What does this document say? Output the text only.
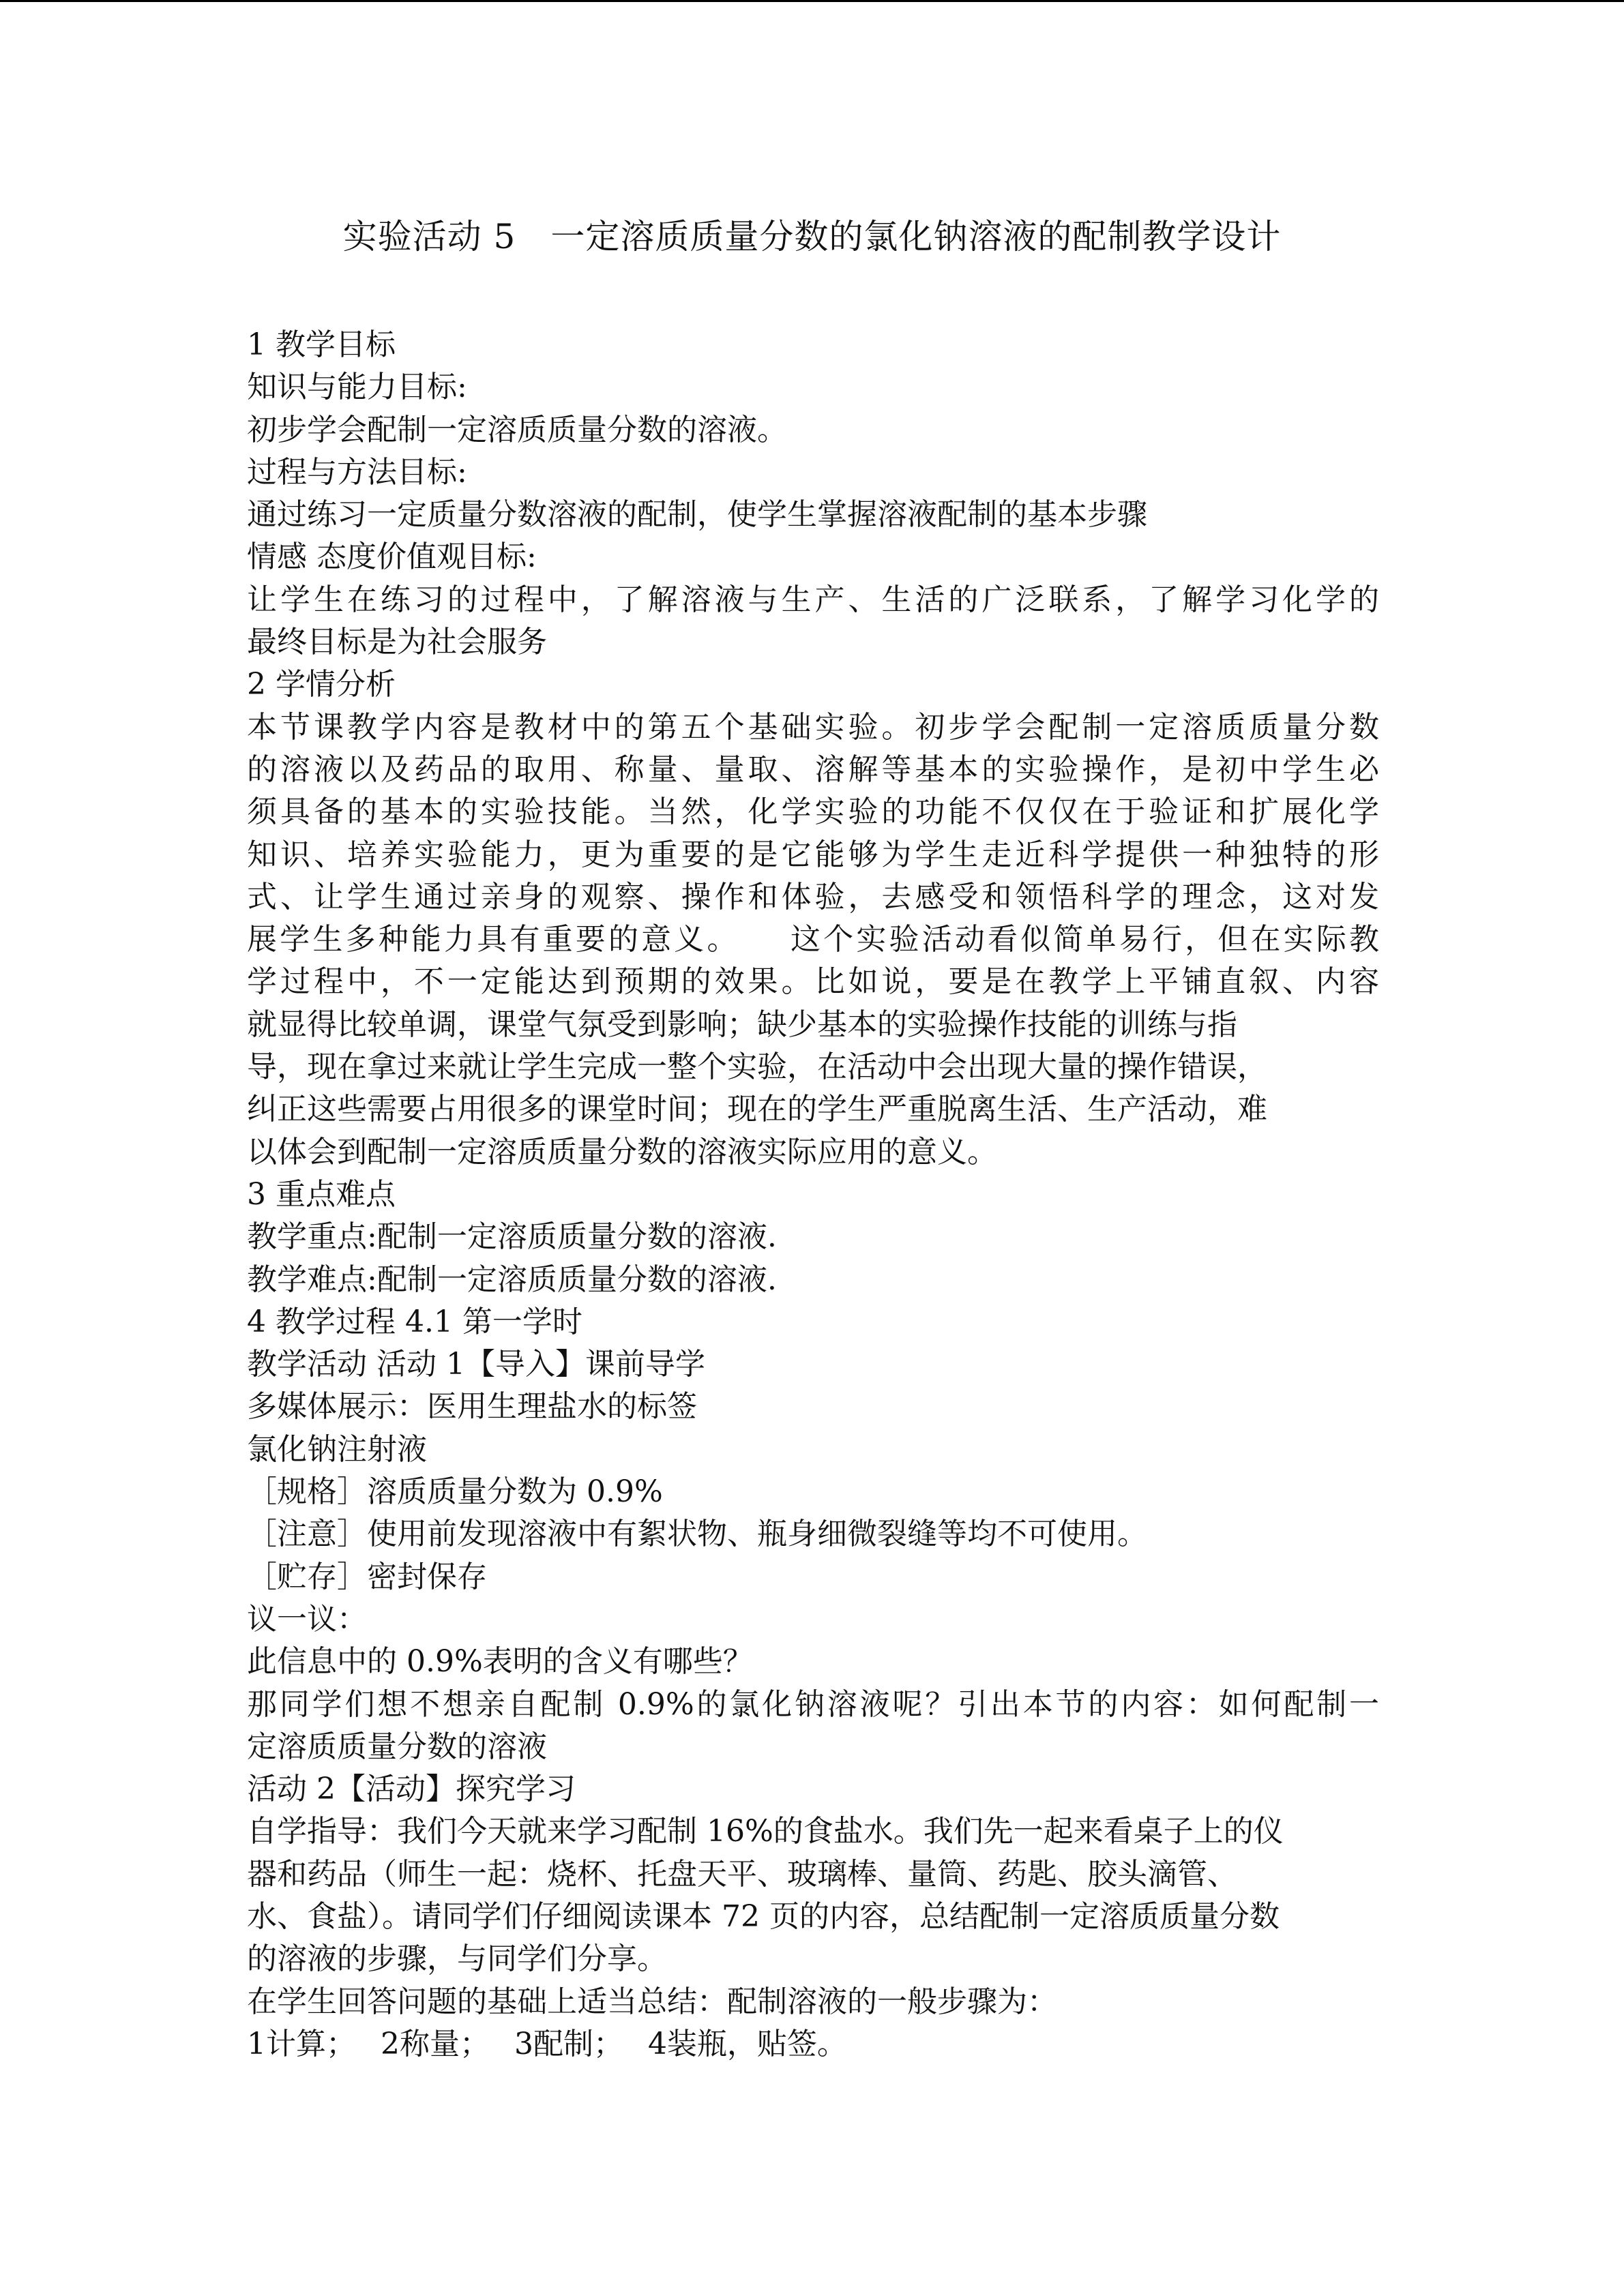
实验活动 5　一定溶质质量分数的氯化钠溶液的配制教学设计
1 教学目标
知识与能力目标:
初步学会配制一定溶质质量分数的溶液。
过程与方法目标:
通过练习一定质量分数溶液的配制，使学生掌握溶液配制的基本步骤
情感 态度价值观目标:
让学生在练习的过程中，了解溶液与生产、生活的广泛联系，了解学习化学的
最终目标是为社会服务
2 学情分析
本节课教学内容是教材中的第五个基础实验。初步学会配制一定溶质质量分数
的溶液以及药品的取用、称量、量取、溶解等基本的实验操作，是初中学生必
须具备的基本的实验技能。当然，化学实验的功能不仅仅在于验证和扩展化学
知识、培养实验能力，更为重要的是它能够为学生走近科学提供一种独特的形
式、让学生通过亲身的观察、操作和体验，去感受和领悟科学的理念，这对发
展学生多种能力具有重要的意义。　　这个实验活动看似简单易行，但在实际教
学过程中，不一定能达到预期的效果。比如说，要是在教学上平铺直叙、内容
就显得比较单调，课堂气氛受到影响；缺少基本的实验操作技能的训练与指
导，现在拿过来就让学生完成一整个实验，在活动中会出现大量的操作错误，
纠正这些需要占用很多的课堂时间；现在的学生严重脱离生活、生产活动，难
以体会到配制一定溶质质量分数的溶液实际应用的意义。
3 重点难点
教学重点:配制一定溶质质量分数的溶液.
教学难点:配制一定溶质质量分数的溶液.
4 教学过程 4.1 第一学时
教学活动 活动 1【导入】课前导学
多媒体展示：医用生理盐水的标签
氯化钠注射液
［规格］溶质质量分数为 0.9%
［注意］使用前发现溶液中有絮状物、瓶身细微裂缝等均不可使用。
［贮存］密封保存
议一议：
此信息中的 0.9%表明的含义有哪些？
那同学们想不想亲自配制 0.9%的氯化钠溶液呢？引出本节的内容：如何配制一
定溶质质量分数的溶液
活动 2【活动】探究学习
自学指导：我们今天就来学习配制 16%的食盐水。我们先一起来看桌子上的仪
器和药品（师生一起：烧杯、托盘天平、玻璃棒、量筒、药匙、胶头滴管、
水、食盐）。请同学们仔细阅读课本 72 页的内容，总结配制一定溶质质量分数
的溶液的步骤，与同学们分享。
在学生回答问题的基础上适当总结：配制溶液的一般步骤为：
1计算；　 2称量；　 3配制；　 4装瓶，贴签。
